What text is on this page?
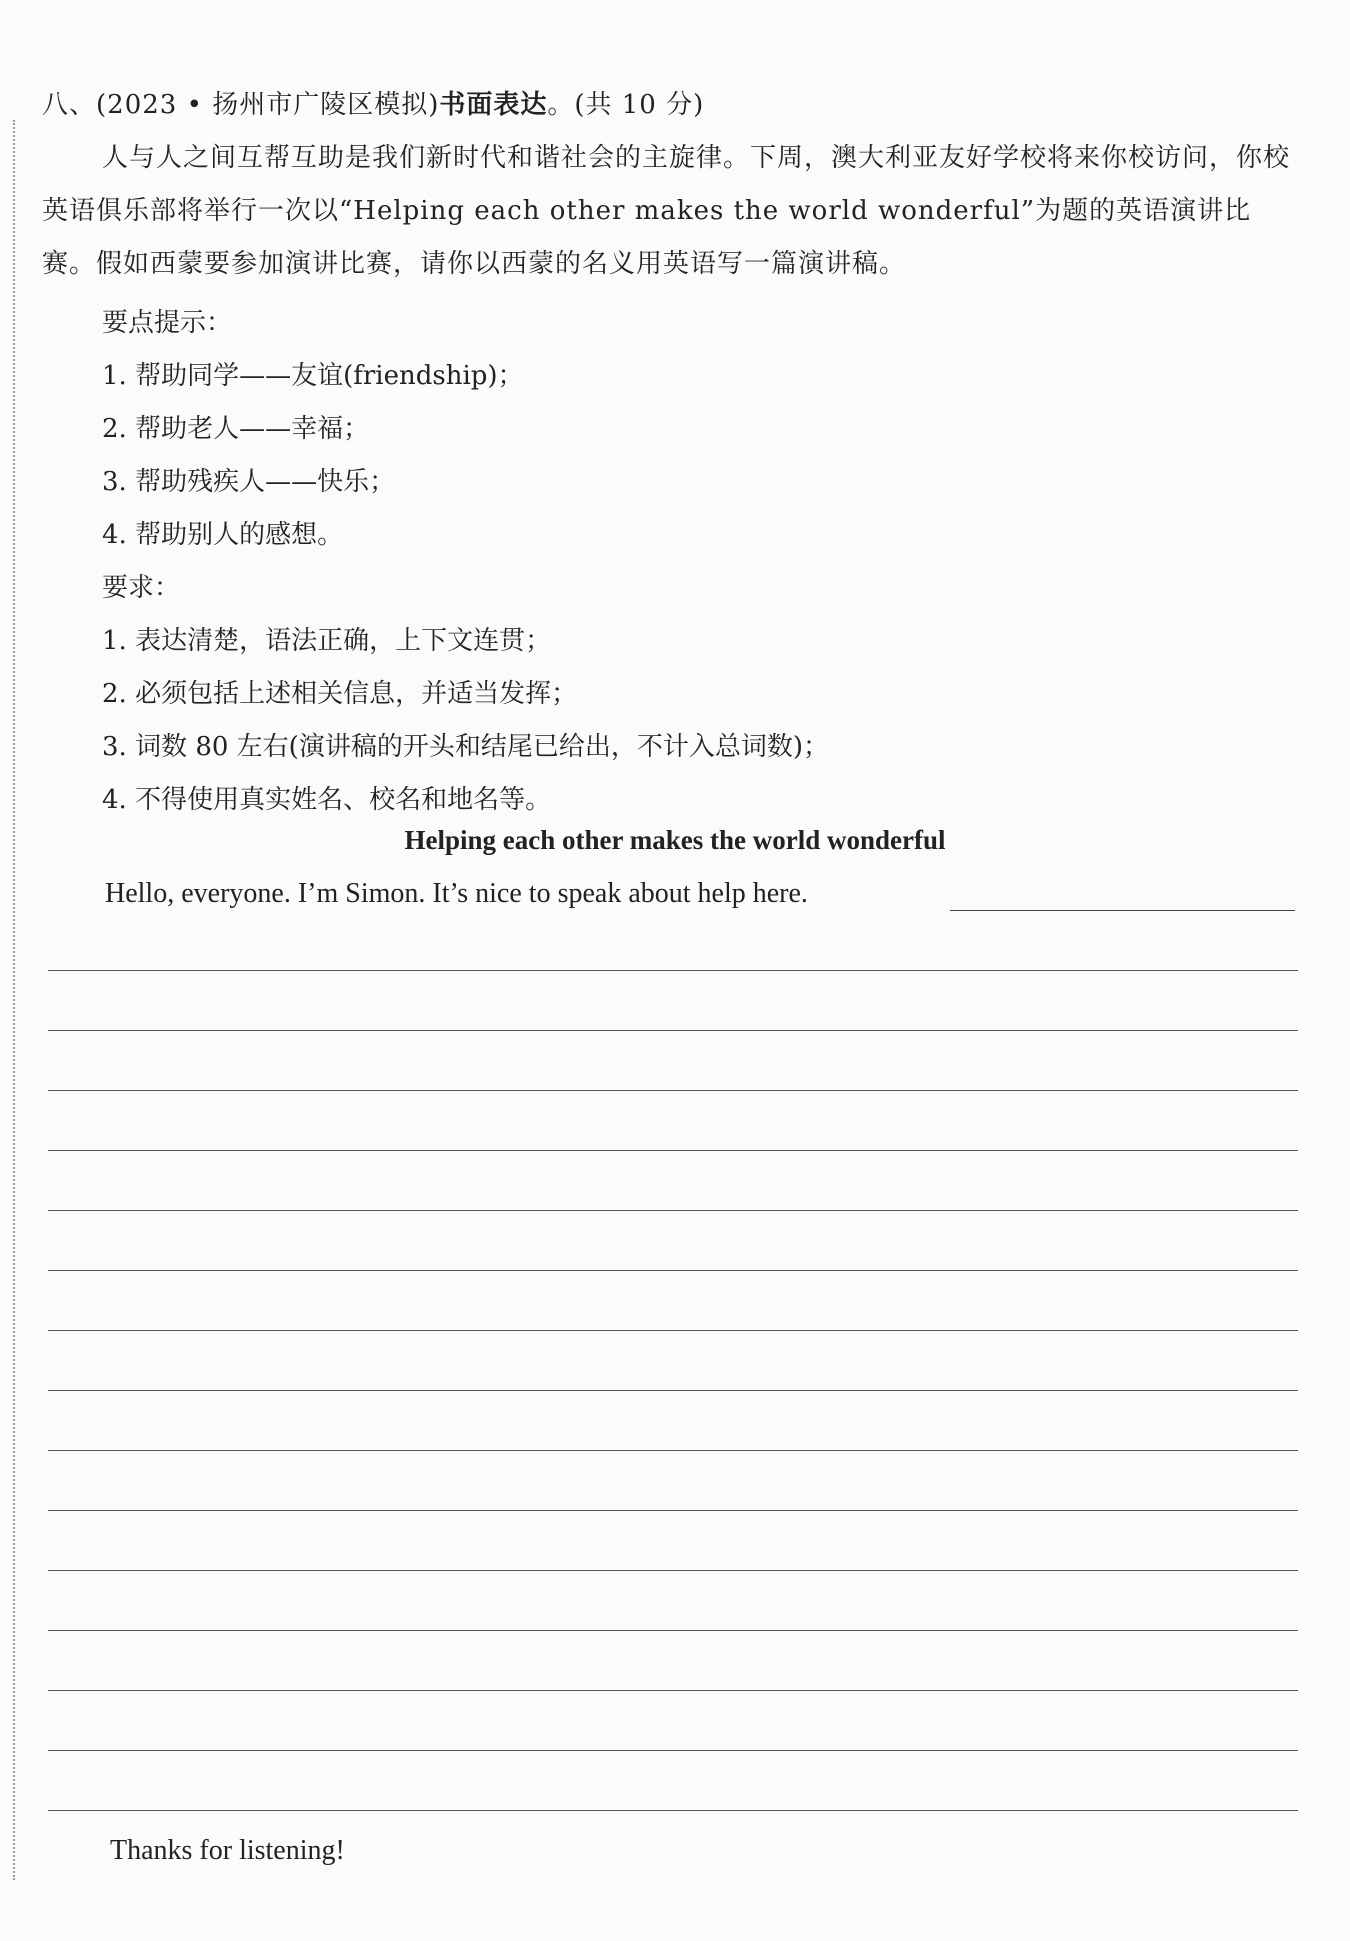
八、(2023 • 扬州市广陵区模拟)书面表达。(共 10 分)

人与人之间互帮互助是我们新时代和谐社会的主旋律。下周，澳大利亚友好学校将来你校访问，你校英语俱乐部将举行一次以“Helping each other makes the world wonderful”为题的英语演讲比赛。假如西蒙要参加演讲比赛，请你以西蒙的名义用英语写一篇演讲稿。

要点提示：
1. 帮助同学——友谊(friendship)；
2. 帮助老人——幸福；
3. 帮助残疾人——快乐；
4. 帮助别人的感想。
要求：
1. 表达清楚，语法正确，上下文连贯；
2. 必须包括上述相关信息，并适当发挥；
3. 词数 80 左右(演讲稿的开头和结尾已给出，不计入总词数)；
4. 不得使用真实姓名、校名和地名等。
Helping each other makes the world wonderful
Hello, everyone. I’m Simon. It’s nice to speak about help here.
Thanks for listening!
